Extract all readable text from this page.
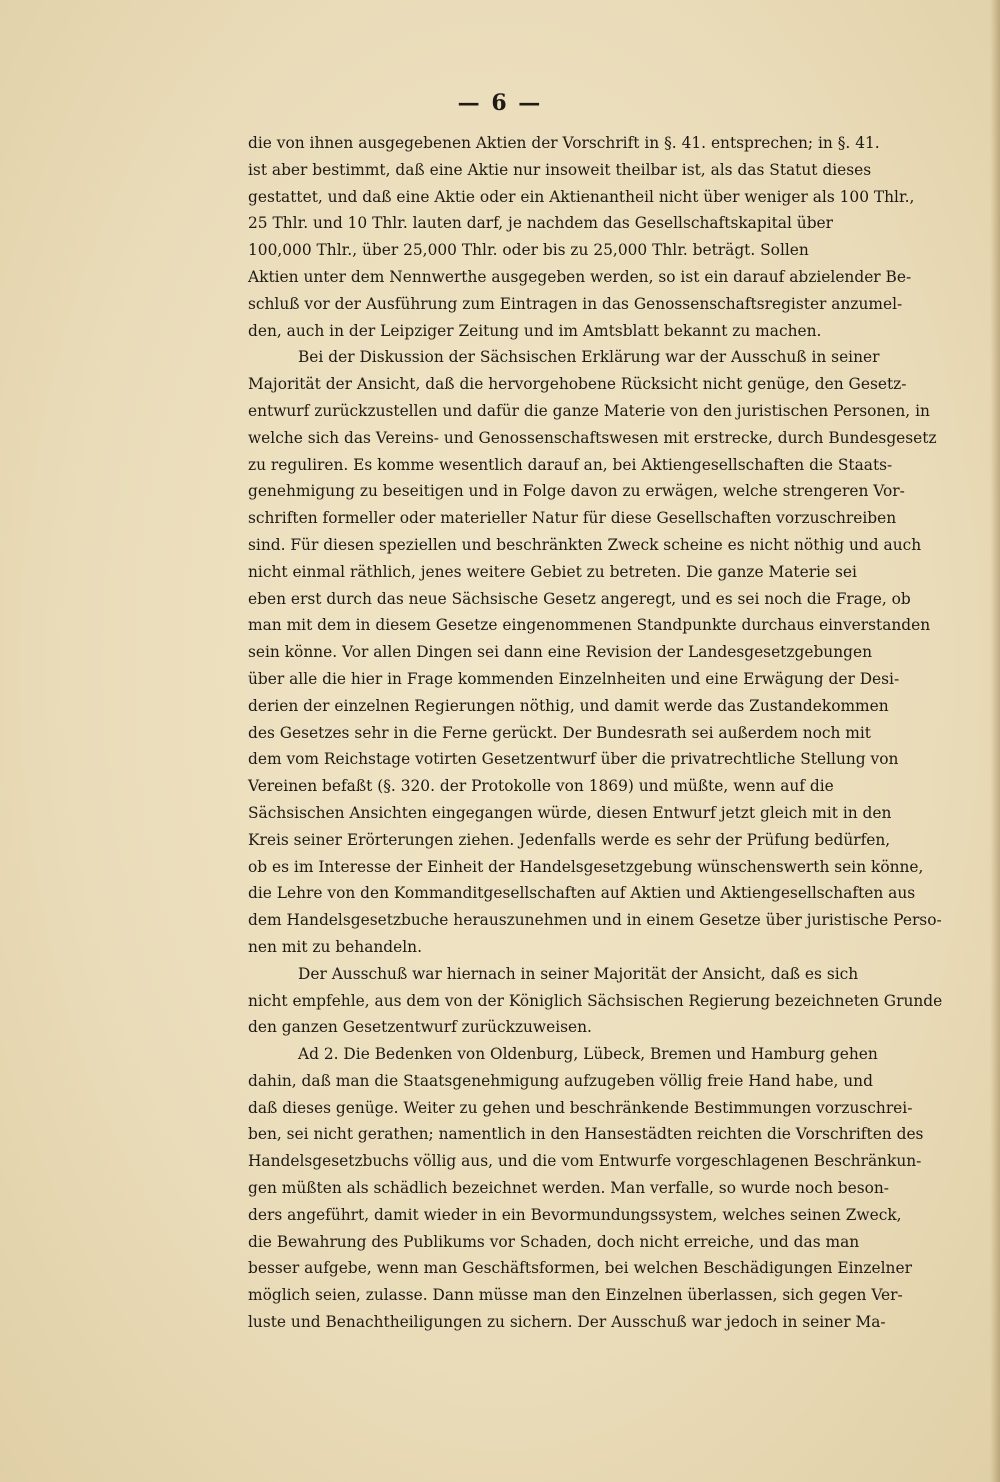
— 6 —
die von ihnen ausgegebenen Aktien der Vorschrift in §. 41. entsprechen; in §. 41.
ist aber bestimmt, daß eine Aktie nur insoweit theilbar ist, als das Statut dieses
gestattet, und daß eine Aktie oder ein Aktienantheil nicht über weniger als 100 Thlr.,
25 Thlr. und 10 Thlr. lauten darf, je nachdem das Gesellschaftskapital über
100,000 Thlr., über 25,000 Thlr. oder bis zu 25,000 Thlr. beträgt. Sollen
Aktien unter dem Nennwerthe ausgegeben werden, so ist ein darauf abzielender Be-
schluß vor der Ausführung zum Eintragen in das Genossenschaftsregister anzumel-
den, auch in der Leipziger Zeitung und im Amtsblatt bekannt zu machen.
Bei der Diskussion der Sächsischen Erklärung war der Ausschuß in seiner
Majorität der Ansicht, daß die hervorgehobene Rücksicht nicht genüge, den Gesetz-
entwurf zurückzustellen und dafür die ganze Materie von den juristischen Personen, in
welche sich das Vereins- und Genossenschaftswesen mit erstrecke, durch Bundesgesetz
zu reguliren. Es komme wesentlich darauf an, bei Aktiengesellschaften die Staats-
genehmigung zu beseitigen und in Folge davon zu erwägen, welche strengeren Vor-
schriften formeller oder materieller Natur für diese Gesellschaften vorzuschreiben
sind. Für diesen speziellen und beschränkten Zweck scheine es nicht nöthig und auch
nicht einmal räthlich, jenes weitere Gebiet zu betreten. Die ganze Materie sei
eben erst durch das neue Sächsische Gesetz angeregt, und es sei noch die Frage, ob
man mit dem in diesem Gesetze eingenommenen Standpunkte durchaus einverstanden
sein könne. Vor allen Dingen sei dann eine Revision der Landesgesetzgebungen
über alle die hier in Frage kommenden Einzelnheiten und eine Erwägung der Desi-
derien der einzelnen Regierungen nöthig, und damit werde das Zustandekommen
des Gesetzes sehr in die Ferne gerückt. Der Bundesrath sei außerdem noch mit
dem vom Reichstage votirten Gesetzentwurf über die privatrechtliche Stellung von
Vereinen befaßt (§. 320. der Protokolle von 1869) und müßte, wenn auf die
Sächsischen Ansichten eingegangen würde, diesen Entwurf jetzt gleich mit in den
Kreis seiner Erörterungen ziehen. Jedenfalls werde es sehr der Prüfung bedürfen,
ob es im Interesse der Einheit der Handelsgesetzgebung wünschenswerth sein könne,
die Lehre von den Kommanditgesellschaften auf Aktien und Aktiengesellschaften aus
dem Handelsgesetzbuche herauszunehmen und in einem Gesetze über juristische Perso-
nen mit zu behandeln.
Der Ausschuß war hiernach in seiner Majorität der Ansicht, daß es sich
nicht empfehle, aus dem von der Königlich Sächsischen Regierung bezeichneten Grunde
den ganzen Gesetzentwurf zurückzuweisen.
Ad 2. Die Bedenken von Oldenburg, Lübeck, Bremen und Hamburg gehen
dahin, daß man die Staatsgenehmigung aufzugeben völlig freie Hand habe, und
daß dieses genüge. Weiter zu gehen und beschränkende Bestimmungen vorzuschrei-
ben, sei nicht gerathen; namentlich in den Hansestädten reichten die Vorschriften des
Handelsgesetzbuchs völlig aus, und die vom Entwurfe vorgeschlagenen Beschränkun-
gen müßten als schädlich bezeichnet werden. Man verfalle, so wurde noch beson-
ders angeführt, damit wieder in ein Bevormundungssystem, welches seinen Zweck,
die Bewahrung des Publikums vor Schaden, doch nicht erreiche, und das man
besser aufgebe, wenn man Geschäftsformen, bei welchen Beschädigungen Einzelner
möglich seien, zulasse. Dann müsse man den Einzelnen überlassen, sich gegen Ver-
luste und Benachtheiligungen zu sichern. Der Ausschuß war jedoch in seiner Ma-
